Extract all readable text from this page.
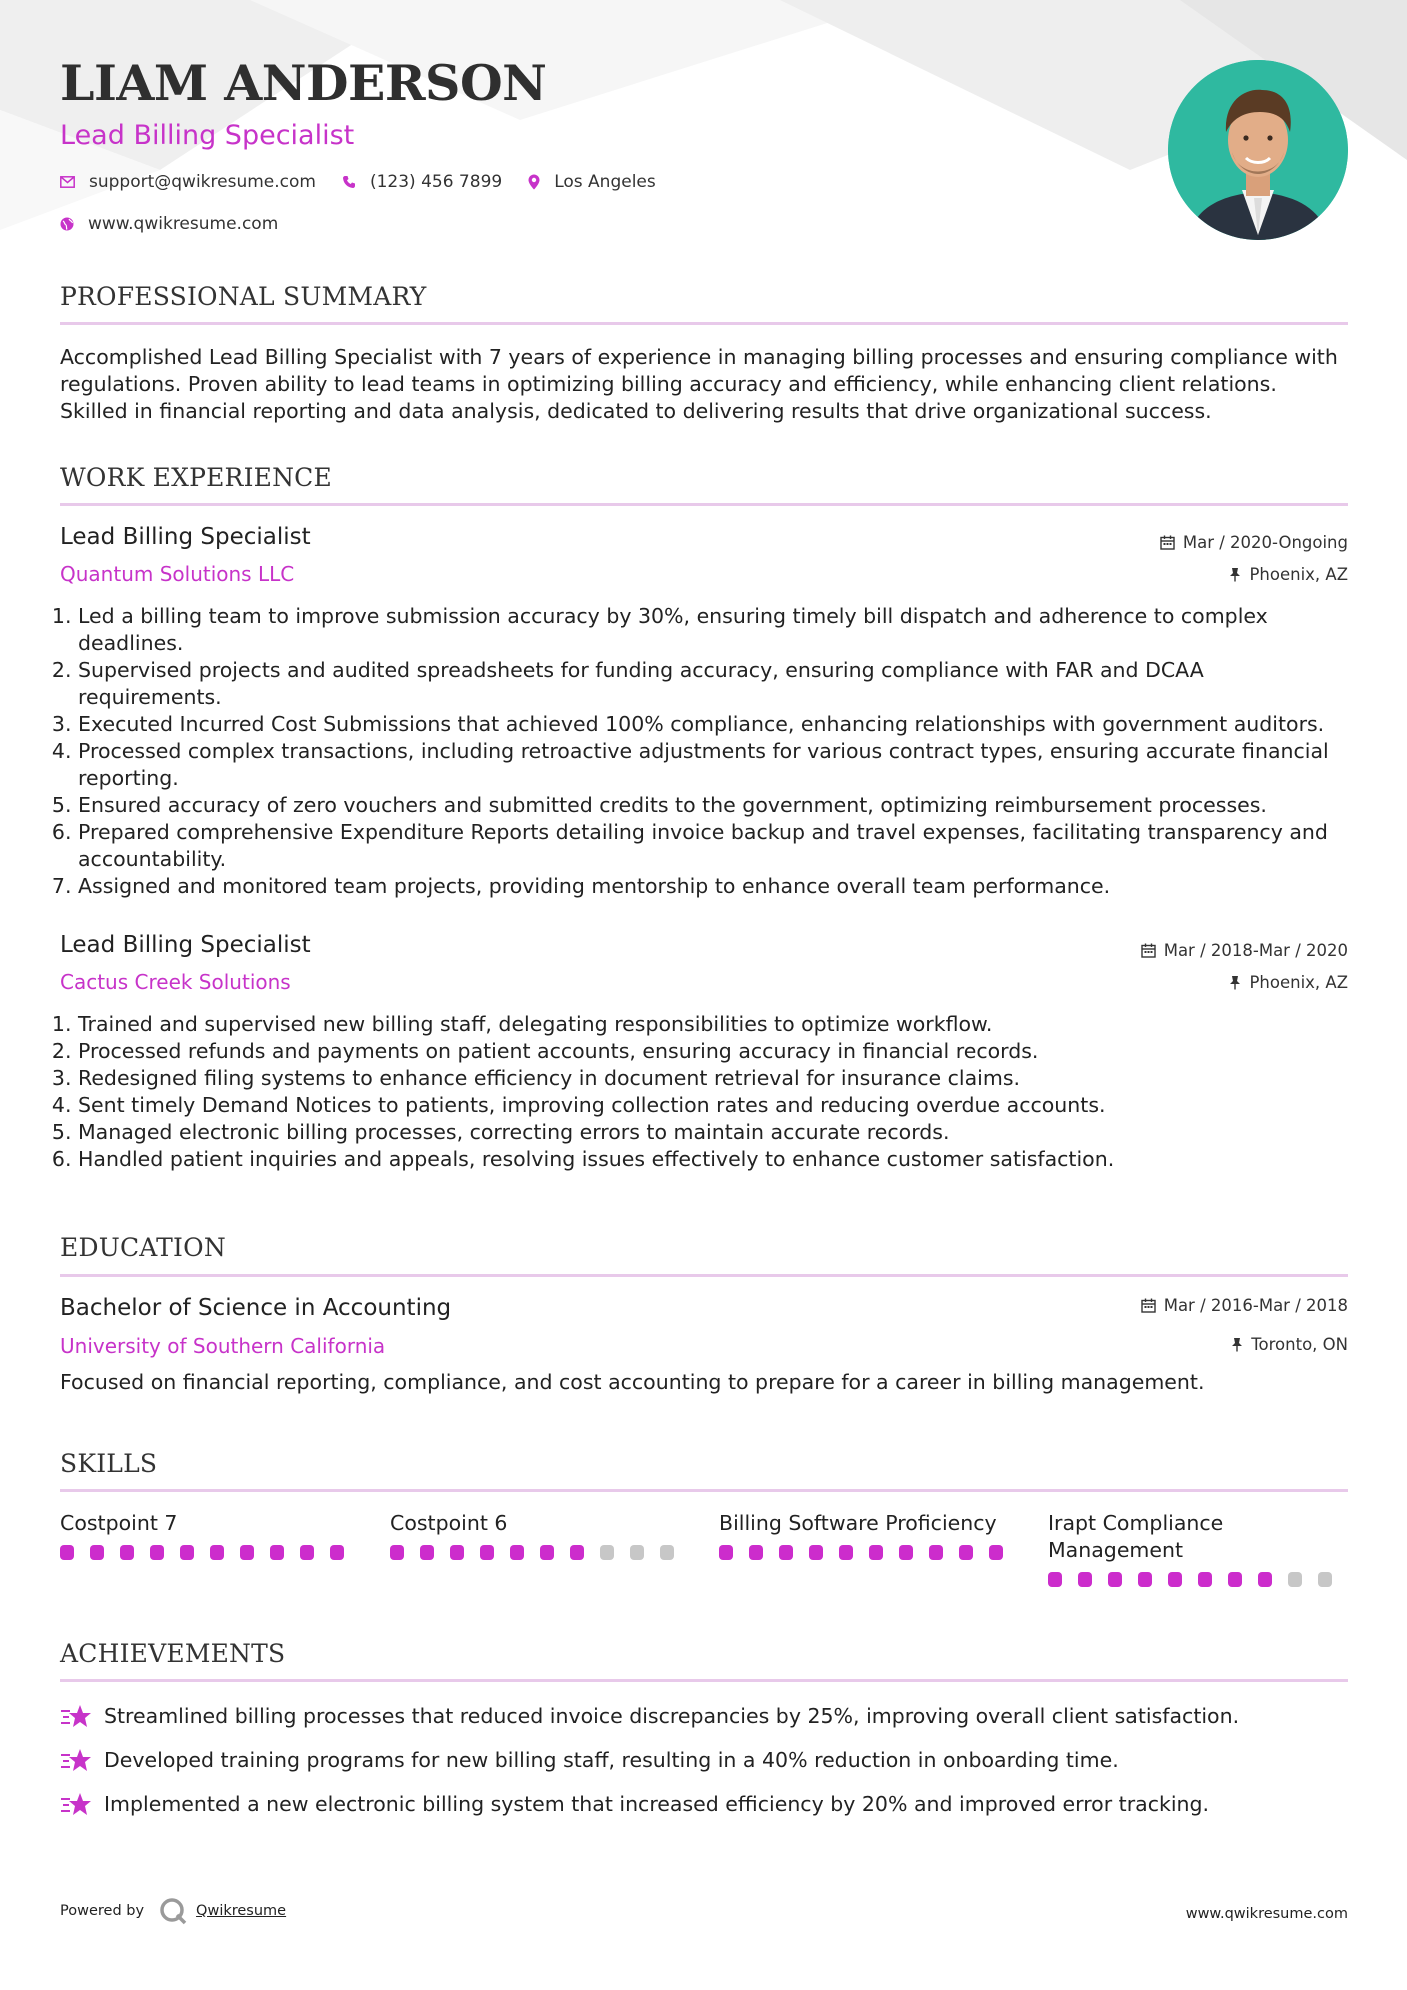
LIAM ANDERSON
Lead Billing Specialist
support@qwikresume.com	(123) 456 7899	Los Angeles
www.qwikresume.com
PROFESSIONAL SUMMARY
Accomplished Lead Billing Specialist with 7 years of experience in managing billing processes and ensuring compliance with regulations. Proven ability to lead teams in optimizing billing accuracy and efficiency, while enhancing client relations. Skilled in financial reporting and data analysis, dedicated to delivering results that drive organizational success.
WORK EXPERIENCE
Lead Billing Specialist
Quantum Solutions LLC
Mar / 2020-Ongoing
Phoenix, AZ
1. Led a billing team to improve submission accuracy by 30%, ensuring timely bill dispatch and adherence to complex deadlines.
2. Supervised projects and audited spreadsheets for funding accuracy, ensuring compliance with FAR and DCAA requirements.
3. Executed Incurred Cost Submissions that achieved 100% compliance, enhancing relationships with government auditors.
4. Processed complex transactions, including retroactive adjustments for various contract types, ensuring accurate financial reporting.
5. Ensured accuracy of zero vouchers and submitted credits to the government, optimizing reimbursement processes.
6. Prepared comprehensive Expenditure Reports detailing invoice backup and travel expenses, facilitating transparency and accountability.
7. Assigned and monitored team projects, providing mentorship to enhance overall team performance.
Lead Billing Specialist
Cactus Creek Solutions
Mar / 2018-Mar / 2020
Phoenix, AZ
1. Trained and supervised new billing staff, delegating responsibilities to optimize workflow.
2. Processed refunds and payments on patient accounts, ensuring accuracy in financial records.
3. Redesigned filing systems to enhance efficiency in document retrieval for insurance claims.
4. Sent timely Demand Notices to patients, improving collection rates and reducing overdue accounts.
5. Managed electronic billing processes, correcting errors to maintain accurate records.
6. Handled patient inquiries and appeals, resolving issues effectively to enhance customer satisfaction.
EDUCATION
Bachelor of Science in Accounting
University of Southern California
Mar / 2016-Mar / 2018
Toronto, ON
Focused on financial reporting, compliance, and cost accounting to prepare for a career in billing management.
SKILLS
Costpoint 7	Costpoint 6	Billing Software Proficiency	Irapt Compliance Management
ACHIEVEMENTS
Streamlined billing processes that reduced invoice discrepancies by 25%, improving overall client satisfaction.
Developed training programs for new billing staff, resulting in a 40% reduction in onboarding time.
Implemented a new electronic billing system that increased efficiency by 20% and improved error tracking.
Powered by	Qwikresume	www.qwikresume.com
